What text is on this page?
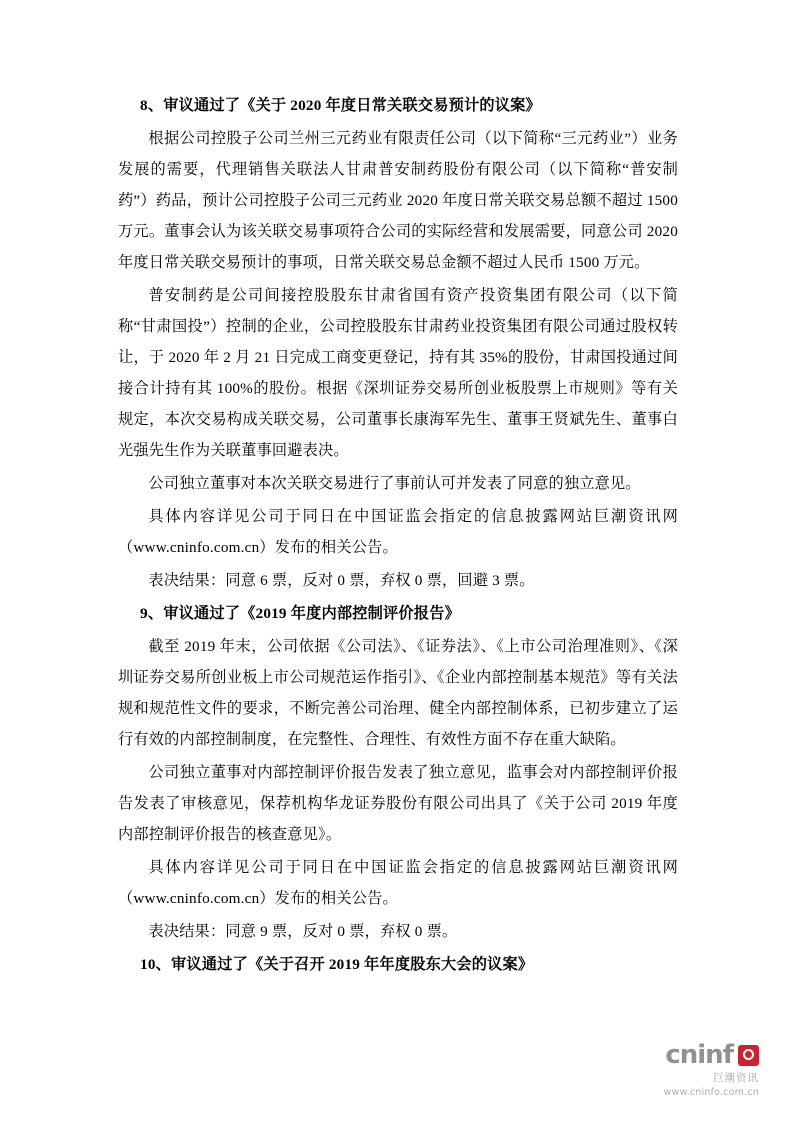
8、审议通过了《关于 2020 年度日常关联交易预计的议案》

根据公司控股子公司兰州三元药业有限责任公司（以下简称“三元药业”）业务发展的需要，代理销售关联法人甘肃普安制药股份有限公司（以下简称“普安制药”）药品，预计公司控股子公司三元药业 2020 年度日常关联交易总额不超过 1500 万元。董事会认为该关联交易事项符合公司的实际经营和发展需要，同意公司 2020 年度日常关联交易预计的事项，日常关联交易总金额不超过人民币 1500 万元。

普安制药是公司间接控股股东甘肃省国有资产投资集团有限公司（以下简称“甘肃国投”）控制的企业，公司控股股东甘肃药业投资集团有限公司通过股权转让，于 2020 年 2 月 21 日完成工商变更登记，持有其 35%的股份，甘肃国投通过间接合计持有其 100%的股份。根据《深圳证券交易所创业板股票上市规则》等有关规定，本次交易构成关联交易，公司董事长康海军先生、董事王贤斌先生、董事白光强先生作为关联董事回避表决。

公司独立董事对本次关联交易进行了事前认可并发表了同意的独立意见。

具体内容详见公司于同日在中国证监会指定的信息披露网站巨潮资讯网（www.cninfo.com.cn）发布的相关公告。

表决结果：同意 6 票，反对 0 票，弃权 0 票，回避 3 票。

9、审议通过了《2019 年度内部控制评价报告》

截至 2019 年末，公司依据《公司法》、《证券法》、《上市公司治理准则》、《深圳证券交易所创业板上市公司规范运作指引》、《企业内部控制基本规范》等有关法规和规范性文件的要求，不断完善公司治理、健全内部控制体系，已初步建立了运行有效的内部控制制度，在完整性、合理性、有效性方面不存在重大缺陷。

公司独立董事对内部控制评价报告发表了独立意见，监事会对内部控制评价报告发表了审核意见，保荐机构华龙证券股份有限公司出具了《关于公司 2019 年度内部控制评价报告的核查意见》。

具体内容详见公司于同日在中国证监会指定的信息披露网站巨潮资讯网（www.cninfo.com.cn）发布的相关公告。

表决结果：同意 9 票，反对 0 票，弃权 0 票。

10、审议通过了《关于召开 2019 年年度股东大会的议案》

cninf
巨潮资讯
www.cninfo.com.cn
